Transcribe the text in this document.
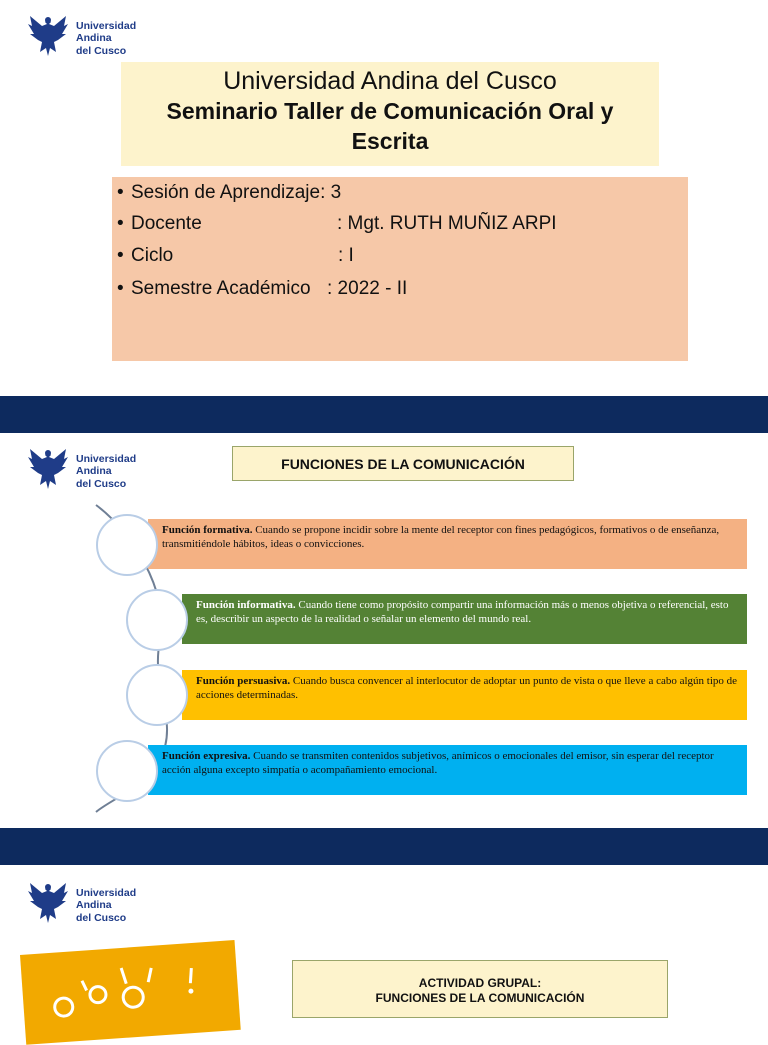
Universidad
Andina
del Cusco
Universidad Andina del Cusco
Seminario Taller de Comunicación Oral y
Escrita
• Sesión de Aprendizaje: 3
• Docente	: Mgt. RUTH MUÑIZ ARPI
• Ciclo	: I
• Semestre Académico : 2022 - II
Universidad
Andina
del Cusco
FUNCIONES DE LA COMUNICACIÓN
Función formativa. Cuando se propone incidir sobre la mente del receptor con fines pedagógicos, formativos o de enseñanza, transmitiéndole hábitos, ideas o convicciones.
Función informativa. Cuando tiene como propósito compartir una información más o menos objetiva o referencial, esto es, describir un aspecto de la realidad o señalar un elemento del mundo real.
Función persuasiva. Cuando busca convencer al interlocutor de adoptar un punto de vista o que lleve a cabo algún tipo de acciones determinadas.
Función expresiva. Cuando se transmiten contenidos subjetivos, anímicos o emocionales del emisor, sin esperar del receptor acción alguna excepto simpatía o acompañamiento emocional.
Universidad
Andina
del Cusco
ACTIVIDAD GRUPAL:
FUNCIONES DE LA COMUNICACIÓN
